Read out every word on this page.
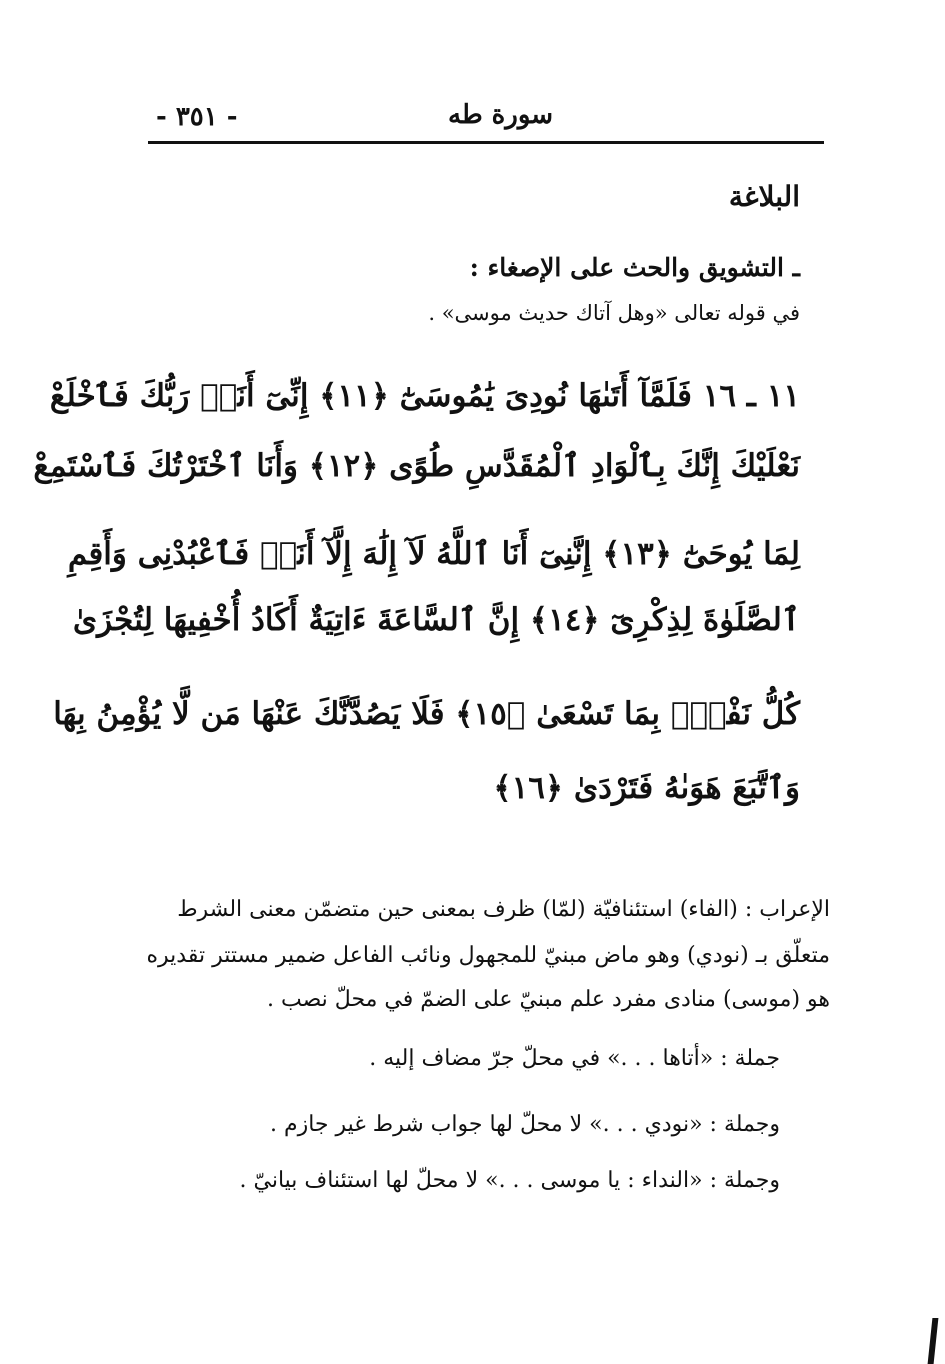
- ٣٥١ -	سورة طه
البلاغة
ـ التشويق والحث على الإصغاء :
في قوله تعالى «وهل آتاك حديث موسى» .
١١ ـ ١٦ فَلَمَّآ أَتَىٰهَا نُودِىَ يَٰمُوسَىٰٓ ﴿١١﴾ إِنِّىٓ أَنَا۠ رَبُّكَ فَٱخْلَعْ
نَعْلَيْكَ إِنَّكَ بِٱلْوَادِ ٱلْمُقَدَّسِ طُوًى ﴿١٢﴾ وَأَنَا ٱخْتَرْتُكَ فَٱسْتَمِعْ
لِمَا يُوحَىٰٓ ﴿١٣﴾ إِنَّنِىٓ أَنَا ٱللَّهُ لَآ إِلَٰهَ إِلَّآ أَنَا۠ فَٱعْبُدْنِى وَأَقِمِ
ٱلصَّلَوٰةَ لِذِكْرِىٓ ﴿١٤﴾ إِنَّ ٱلسَّاعَةَ ءَاتِيَةٌ أَكَادُ أُخْفِيهَا لِتُجْزَىٰ
كُلُّ نَفْسٍۭ بِمَا تَسْعَىٰ ﴿١٥﴾ فَلَا يَصُدَّنَّكَ عَنْهَا مَن لَّا يُؤْمِنُ بِهَا
وَٱتَّبَعَ هَوَىٰهُ فَتَرْدَىٰ ﴿١٦﴾
الإعراب : (الفاء) استئنافيّة (لمّا) ظرف بمعنى حين متضمّن معنى الشرط
متعلّق بـ (نودي) وهو ماض مبنيّ للمجهول ونائب الفاعل ضمير مستتر تقديره
هو (موسى) منادى مفرد علم مبنيّ على الضمّ في محلّ نصب .
جملة : «أتاها . . .» في محلّ جرّ مضاف إليه .
وجملة : «نودي . . .» لا محلّ لها جواب شرط غير جازم .
وجملة : «النداء : يا موسى . . .» لا محلّ لها استئناف بيانيّ .
